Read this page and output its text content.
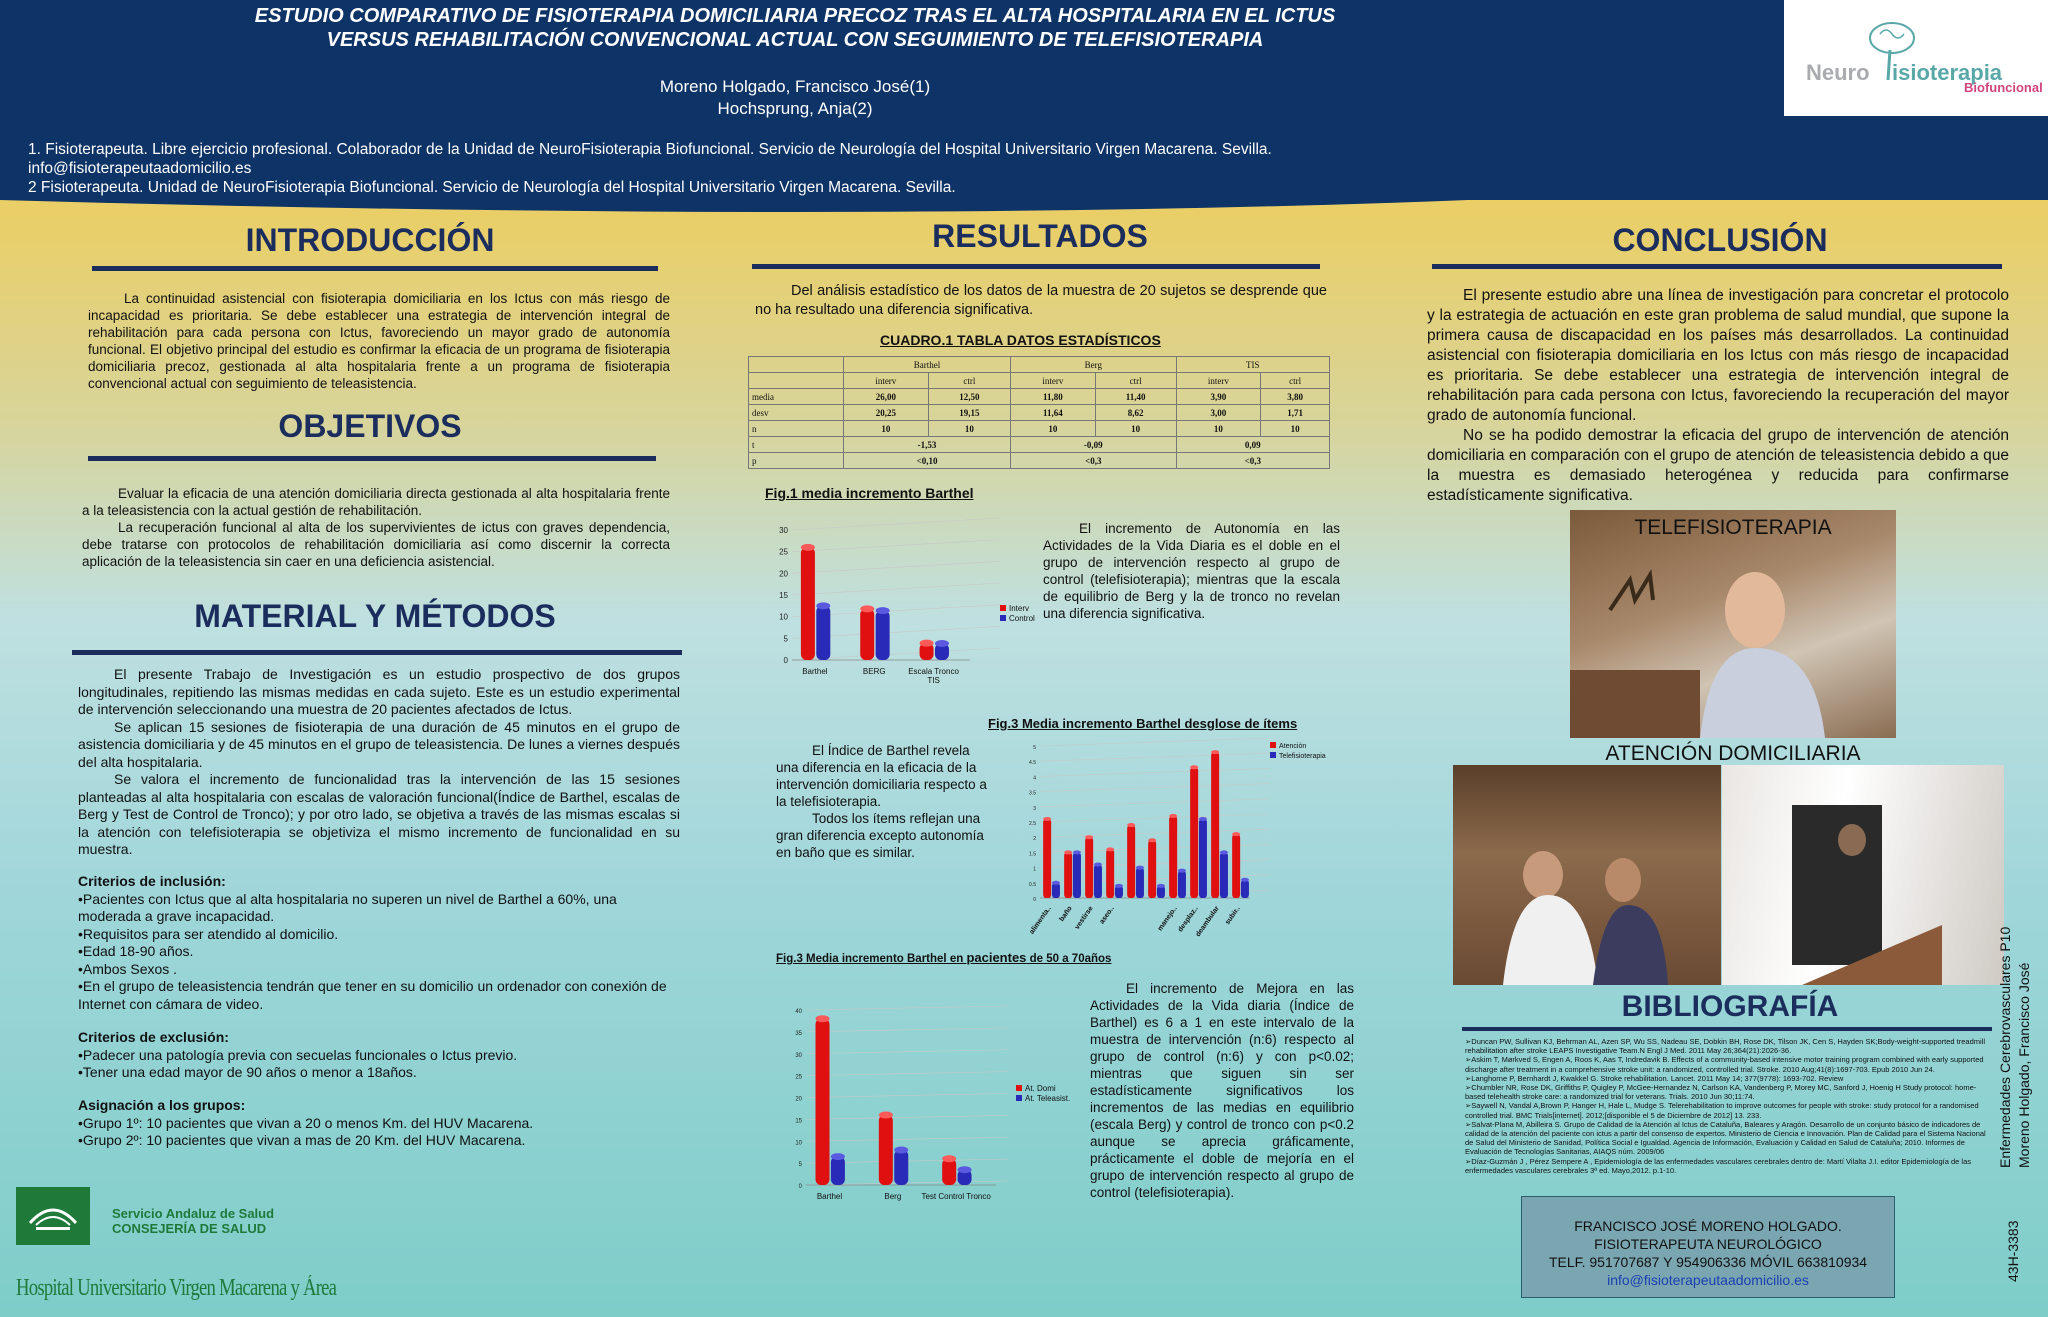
ESTUDIO COMPARATIVO DE FISIOTERAPIA DOMICILIARIA PRECOZ TRAS EL ALTA HOSPITALARIA EN EL ICTUS
VERSUS REHABILITACIÓN CONVENCIONAL ACTUAL CON SEGUIMIENTO DE TELEFISIOTERAPIA
Moreno Holgado, Francisco José(1)
Hochsprung, Anja(2)
1. Fisioterapeuta. Libre ejercicio profesional. Colaborador de la Unidad de NeuroFisioterapia Biofuncional. Servicio de Neurología del Hospital Universitario Virgen Macarena. Sevilla.
info@fisioterapeutaadomicilio.es
2 Fisioterapeuta. Unidad de NeuroFisioterapia Biofuncional. Servicio de Neurología del Hospital Universitario Virgen Macarena. Sevilla.
Neuro isioterapia
Biofuncional
INTRODUCCIÓN

La continuidad asistencial con fisioterapia domiciliaria en los Ictus con más riesgo de incapacidad es prioritaria. Se debe establecer una estrategia de intervención integral de rehabilitación para cada persona con Ictus, favoreciendo un mayor grado de autonomía funcional. El objetivo principal del estudio es confirmar la eficacia de un programa de fisioterapia domiciliaria precoz, gestionada al alta hospitalaria frente a un programa de fisioterapia convencional actual con seguimiento de teleasistencia.

OBJETIVOS

Evaluar la eficacia de una atención domiciliaria directa gestionada al alta hospitalaria frente a la teleasistencia con la actual gestión de rehabilitación.

La recuperación funcional al alta de los supervivientes de ictus con graves dependencia, debe tratarse con protocolos de rehabilitación domiciliaria así como discernir la correcta aplicación de la teleasistencia sin caer en una deficiencia asistencial.

MATERIAL Y MÉTODOS

El presente Trabajo de Investigación es un estudio prospectivo de dos grupos longitudinales, repitiendo las mismas medidas en cada sujeto. Este es un estudio experimental de intervención seleccionando una muestra de 20 pacientes afectados de Ictus.

Se aplican 15 sesiones de fisioterapia de una duración de 45 minutos en el grupo de asistencia domiciliaria y de 45 minutos en el grupo de teleasistencia. De lunes a viernes después del alta hospitalaria.

Se valora el incremento de funcionalidad tras la intervención de las 15 sesiones planteadas al alta hospitalaria con escalas de valoración funcional(Índice de Barthel, escalas de Berg y Test de Control de Tronco); y por otro lado, se objetiva a través de las mismas escalas si la atención con telefisioterapia se objetiviza el mismo incremento de funcionalidad en su muestra.

Criterios de inclusión:
•Pacientes con Ictus que al alta hospitalaria no superen un nivel de Barthel a 60%, una moderada a grave incapacidad.
•Requisitos para ser atendido al domicilio.
•Edad 18-90 años.
•Ambos Sexos .
•En el grupo de teleasistencia tendrán que tener en su domicilio un ordenador con conexión de Internet con cámara de video.
Criterios de exclusión:
•Padecer una patología previa con secuelas funcionales o Ictus previo.
•Tener una edad mayor de 90 años o menor a 18años.
Asignación a los grupos:
•Grupo 1º: 10 pacientes que vivan a 20 o menos Km. del HUV Macarena.
•Grupo 2º: 10 pacientes que vivan a mas de 20 Km. del HUV Macarena.
Servicio Andaluz de Salud
CONSEJERÍA DE SALUD
Hospital Universitario Virgen Macarena y Área
RESULTADOS

Del análisis estadístico de los datos de la muestra de 20 sujetos se desprende que no ha resultado una diferencia significativa.

CUADRO.1 TABLA DATOS ESTADÍSTICOS
	Barthel		Berg		TIS	
	interv	ctrl	interv	ctrl	interv	ctrl
media	26,00	12,50	11,80	11,40	3,90	3,80
desv	20,25	19,15	11,64	8,62	3,00	1,71
n	10	10	10	10	10	10
t	-1,53		-0,09		0,09	
p	<0,10		<0,3		<0,3	
Fig.1 media incremento Barthel
0
5
10
15
20
25
30
Barthel	BERG	Escala Tronco
TIS
Interv
Control

El incremento de Autonomía en las Actividades de la Vida Diaria es el doble en el grupo de intervención respecto al grupo de control (telefisioterapia); mientras que la escala de equilibrio de Berg y la de tronco no revelan una diferencia significativa.

Fig.3 Media incremento Barthel desglose de ítems

El Índice de Barthel revela una diferencia en la eficacia de la intervención domiciliaria respecto a la telefisioterapia.

Todos los ítems reflejan una gran diferencia excepto autonomía en baño que es similar.

0
0.5
1
1.5
2
2.5
3
3.5
4
4.5
5
alimenta.. baño vestirse aseo..	manejo..
desplaz..
deambular subir..
Atención
Telefisioterapia
Fig.3 Media incremento Barthel en pacientes de 50 a 70años
0
5
10
15
20
25
30
35
40
Barthel	Berg	Test Control Tronco
At. Domi
At. Teleasist.

El incremento de Mejora en las Actividades de la Vida diaria (Índice de Barthel) es 6 a 1 en este intervalo de la muestra de intervención (n:6) respecto al grupo de control (n:6) y con p<0.02; mientras que siguen sin ser estadísticamente significativos los incrementos de las medias en equilibrio (escala Berg) y control de tronco con p<0.2 aunque se aprecia gráficamente, prácticamente el doble de mejoría en el grupo de intervención respecto al grupo de control (telefisioterapia).

CONCLUSIÓN

El presente estudio abre una línea de investigación para concretar el protocolo y la estrategia de actuación en este gran problema de salud mundial, que supone la primera causa de discapacidad en los países más desarrollados. La continuidad asistencial con fisioterapia domiciliaria en los Ictus con más riesgo de incapacidad es prioritaria. Se debe establecer una estrategia de intervención integral de rehabilitación para cada persona con Ictus, favoreciendo la recuperación del mayor grado de autonomía funcional.

No se ha podido demostrar la eficacia del grupo de intervención de atención domiciliaria en comparación con el grupo de atención de teleasistencia debido a que la muestra es demasiado heterogénea y reducida para confirmarse estadísticamente significativa.

TELEFISIOTERAPIA
ATENCIÓN DOMICILIARIA
BIBLIOGRAFÍA
➢Duncan PW, Sullivan KJ, Behrman AL, Azen SP, Wu SS, Nadeau SE, Dobkin BH, Rose DK, Tilson JK, Cen S, Hayden SK;Body-weight-supported treadmill rehabilitation after stroke LEAPS Investigative Team.N Engl J Med. 2011 May 26;364(21):2026-36.
➢Askim T, Mørkved S, Engen A, Roos K, Aas T, Indredavik B. Effects of a community-based intensive motor training program combined with early supported discharge after treatment in a comprehensive stroke unit: a randomized, controlled trial. Stroke. 2010 Aug;41(8):1697-703. Epub 2010 Jun 24.
➢Langhorne P, Bernhardt J, Kwakkel G. Stroke rehabilitation. Lancet. 2011 May 14; 377(9778): 1693-702. Review
➢Chumbler NR, Rose DK, Griffiths P, Quigley P, McGee-Hernandez N, Carlson KA, Vandenberg P, Morey MC, Sanford J, Hoenig H Study protocol: home-based telehealth stroke care: a randomized trial for veterans. Trials. 2010 Jun 30;11:74.
➢Saywell N, Vandal A,Brown P, Hanger H, Hale L, Mudge S. Telerehabilitation to improve outcomes for people with stroke: study protocol for a randomised controlled trial. BMC Trials[internet]. 2012;[disponible el 5 de Diciembre de 2012] 13. 233.
➢Salvat-Plana M, Abilleira S. Grupo de Calidad de la Atención al Ictus de Cataluña, Baleares y Aragón. Desarrollo de un conjunto básico de indicadores de calidad de la atención del paciente con ictus a partir del consenso de expertos. Ministerio de Ciencia e Innovación. Plan de Calidad para el Sistema Nacional de Salud del Ministerio de Sanidad, Política Social e Igualdad. Agencia de Información, Evaluación y Calidad en Salud de Cataluña; 2010. Informes de Evaluación de Tecnologías Sanitarias, AIAQS núm. 2009/06
➢Díaz-Guzmán J , Pérez Sempere A , Epidemiología de las enfermedades vasculares cerebrales dentro de: Martí Vilalta J.I. editor Epidemiología de las enfermedades vasculares cerebrales 3ª ed. Mayo,2012. p.1-10.
FRANCISCO JOSÉ MORENO HOLGADO.
FISIOTERAPEUTA NEUROLÓGICO
TELF. 951707687 Y 954906336 MÓVIL 663810934
info@fisioterapeutaadomicilio.es	43H-3383
Enfermedades Cerebrovasculares P10 Moreno Holgado, Francisco José
